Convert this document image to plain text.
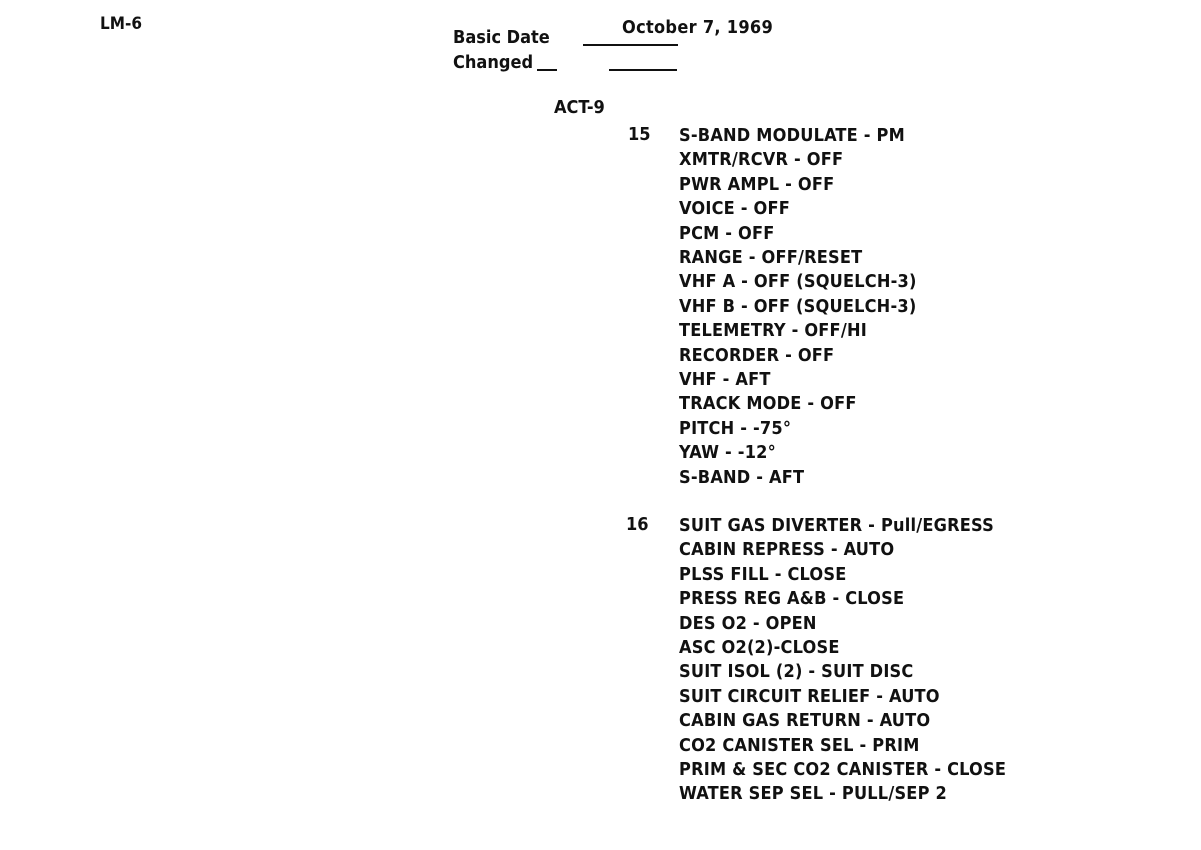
LM-6
Basic Date	October 7, 1969
Changed
ACT-9
15 S-BAND MODULATE - PM
XMTR/RCVR - OFF
PWR AMPL - OFF
VOICE - OFF
PCM - OFF
RANGE - OFF/RESET
VHF A - OFF (SQUELCH-3)
VHF B - OFF (SQUELCH-3)
TELEMETRY - OFF/HI
RECORDER - OFF
VHF - AFT
TRACK MODE - OFF
PITCH - -75°
YAW - -12°
S-BAND - AFT
16 SUIT GAS DIVERTER - Pull/EGRESS
CABIN REPRESS - AUTO
PLSS FILL - CLOSE
PRESS REG A&B - CLOSE
DES O2 - OPEN
ASC O2(2)-CLOSE
SUIT ISOL (2) - SUIT DISC
SUIT CIRCUIT RELIEF - AUTO
CABIN GAS RETURN - AUTO
CO2 CANISTER SEL - PRIM
PRIM & SEC CO2 CANISTER - CLOSE
WATER SEP SEL - PULL/SEP 2
